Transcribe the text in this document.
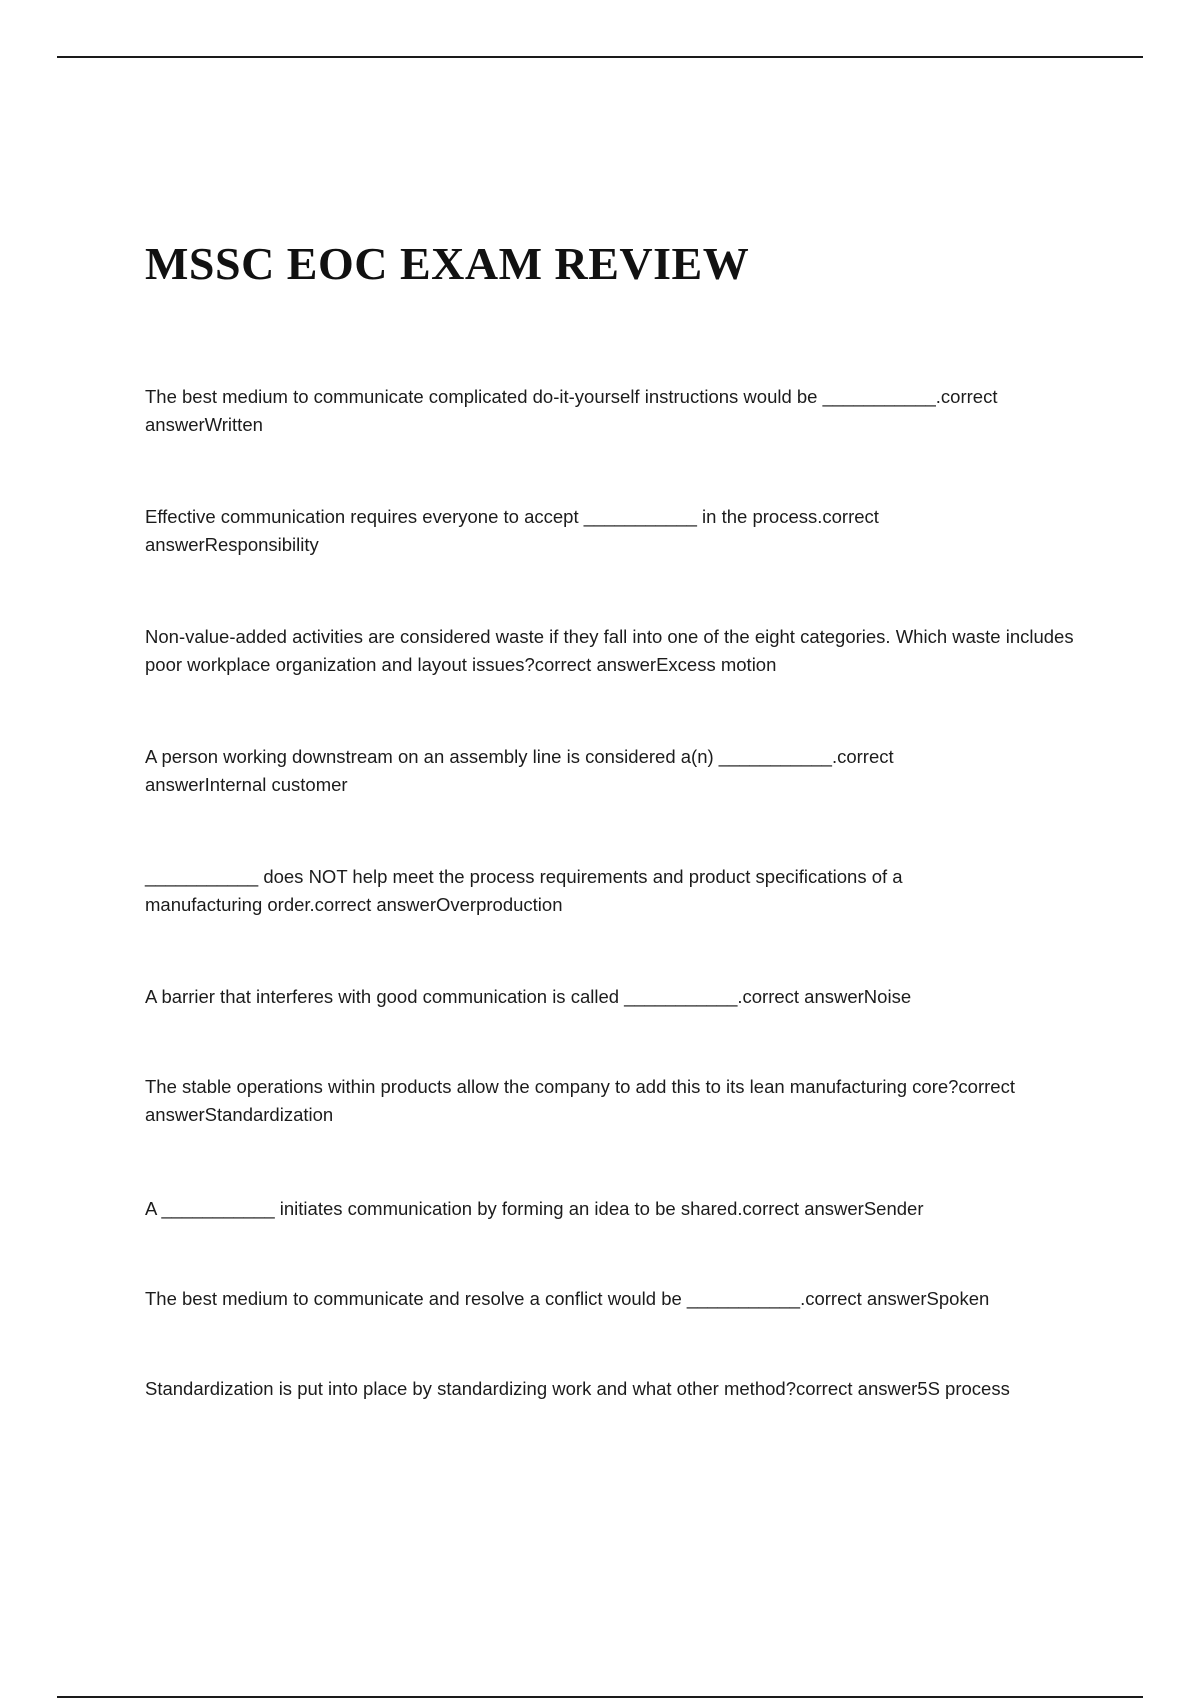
MSSC EOC EXAM REVIEW

The best medium to communicate complicated do-it-yourself instructions would be ___________.correct answerWritten

Effective communication requires everyone to accept ___________ in the process.correct answerResponsibility

Non-value-added activities are considered waste if they fall into one of the eight categories. Which waste includes poor workplace organization and layout issues?correct answerExcess motion

A person working downstream on an assembly line is considered a(n) ___________.correct answerInternal customer

___________ does NOT help meet the process requirements and product specifications of a manufacturing order.correct answerOverproduction

A barrier that interferes with good communication is called ___________.correct answerNoise

The stable operations within products allow the company to add this to its lean manufacturing core?correct answerStandardization

A ___________ initiates communication by forming an idea to be shared.correct answerSender

The best medium to communicate and resolve a conflict would be ___________.correct answerSpoken

Standardization is put into place by standardizing work and what other method?correct answer5S process
